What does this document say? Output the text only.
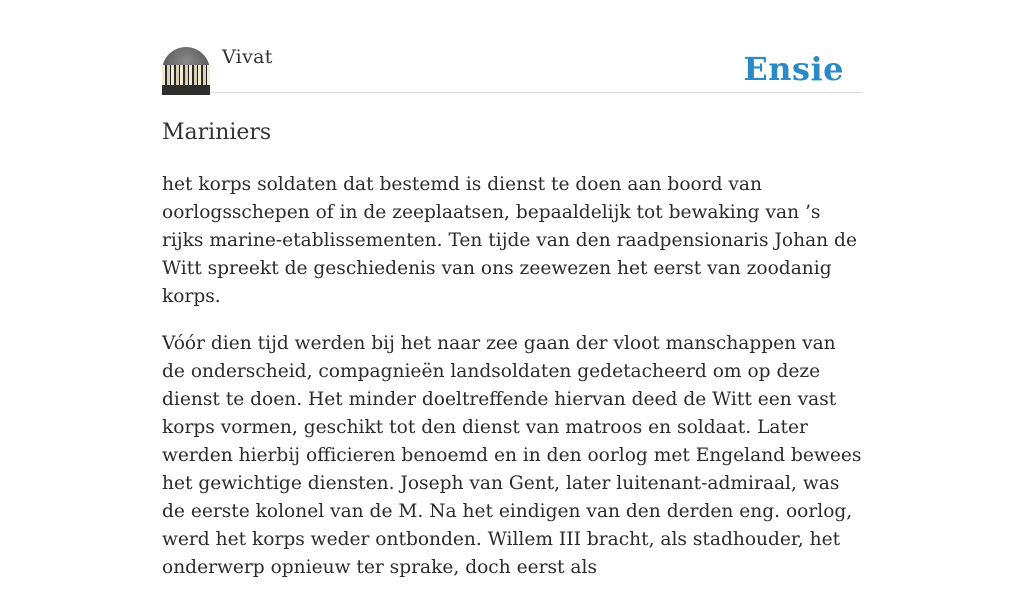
Vivat	Ensie
Mariniers

het korps soldaten dat bestemd is dienst te doen aan boord van oorlogsschepen of in de zeeplaatsen, bepaaldelijk tot bewaking van ’s rijks marine-etablissementen. Ten tijde van den raadpensionaris Johan de Witt spreekt de geschiedenis van ons zeewezen het eerst van zoodanig korps.

Vóór dien tijd werden bij het naar zee gaan der vloot manschappen van de onderscheid, compagnieën landsoldaten gedetacheerd om op deze dienst te doen. Het minder doeltreffende hiervan deed de Witt een vast korps vormen, geschikt tot den dienst van matroos en soldaat. Later werden hierbij officieren benoemd en in den oorlog met Engeland bewees het gewichtige diensten. Joseph van Gent, later luitenant-admiraal, was de eerste kolonel van de M. Na het eindigen van den derden eng. oorlog, werd het korps weder ontbonden. Willem III bracht, als stadhouder, het onderwerp opnieuw ter sprake, doch eerst als
